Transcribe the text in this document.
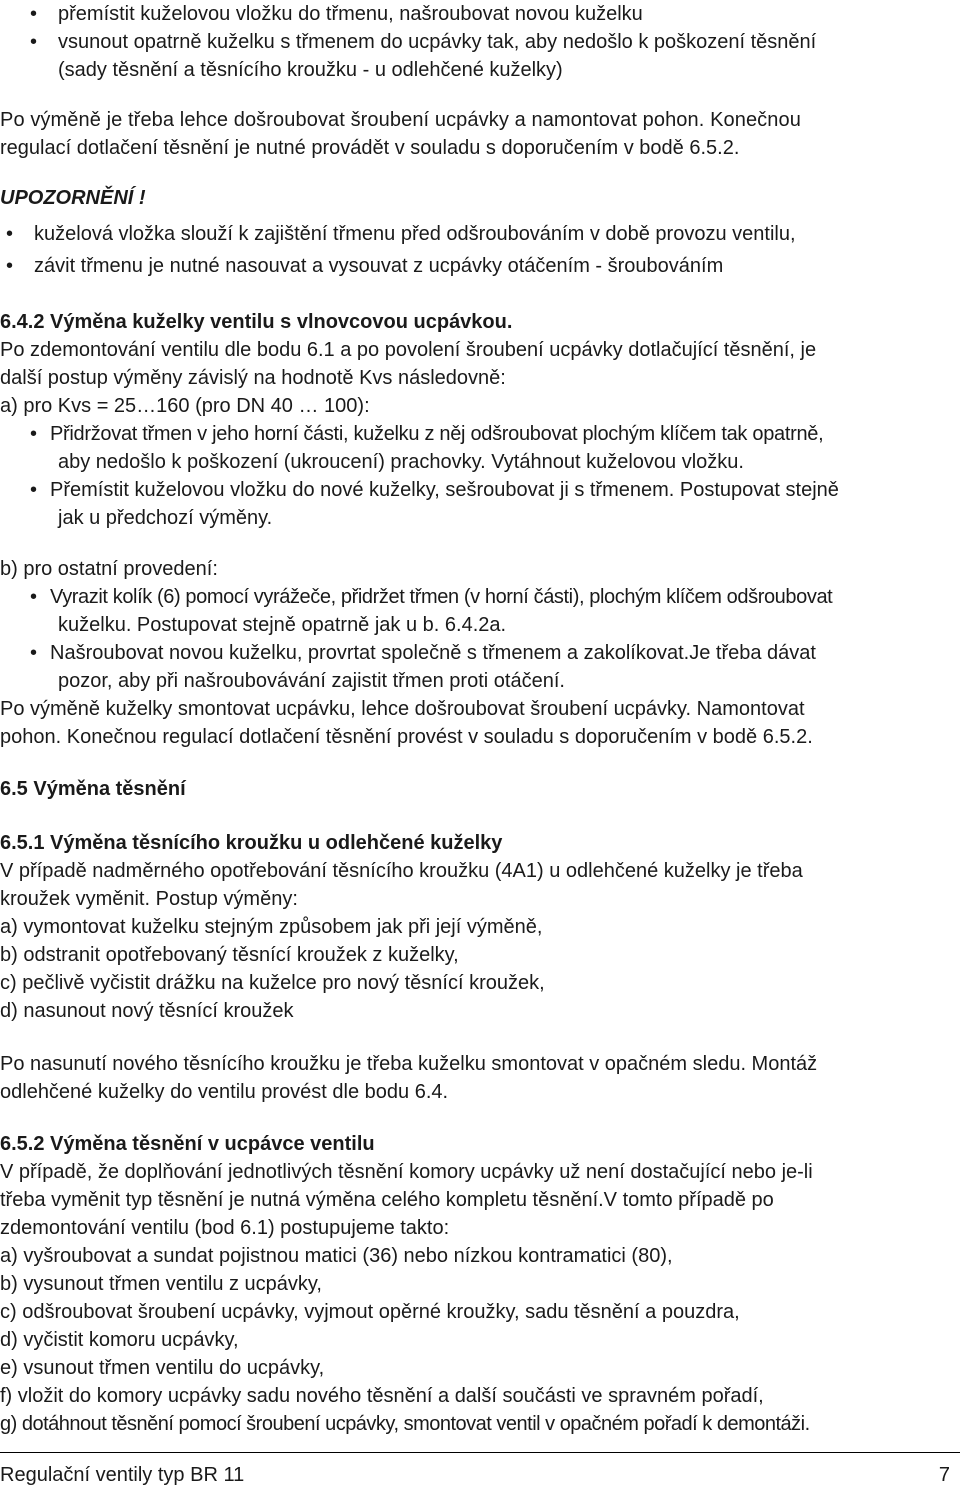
• přemístit kuželovou vložku do třmenu, našroubovat novou kuželku
• vsunout opatrně kuželku s třmenem do ucpávky tak, aby nedošlo k poškození těsnění
(sady těsnění a těsnícího kroužku - u odlehčené kuželky)
Po výměně je třeba lehce došroubovat šroubení ucpávky a namontovat pohon. Konečnou
regulací dotlačení těsnění je nutné provádět v souladu s doporučením v bodě 6.5.2.
UPOZORNĚNÍ !
• kuželová vložka slouží k zajištění třmenu před odšroubováním v době provozu ventilu,
• závit třmenu je nutné nasouvat a vysouvat z ucpávky otáčením - šroubováním
6.4.2 Výměna kuželky ventilu s vlnovcovou ucpávkou.
Po zdemontování ventilu dle bodu 6.1 a po povolení šroubení ucpávky dotlačující těsnění, je
další postup výměny závislý na hodnotě Kvs následovně:
a) pro Kvs = 25…160 (pro DN 40 … 100):
• Přidržovat třmen v jeho horní části, kuželku z něj odšroubovat plochým klíčem tak opatrně,
aby nedošlo k poškození (ukroucení) prachovky. Vytáhnout kuželovou vložku.
• Přemístit kuželovou vložku do nové kuželky, sešroubovat ji s třmenem. Postupovat stejně
jak u předchozí výměny.
b) pro ostatní provedení:
• Vyrazit kolík (6) pomocí vyrážeče, přidržet třmen (v horní části), plochým klíčem odšroubovat
kuželku. Postupovat stejně opatrně jak u b. 6.4.2a.
• Našroubovat novou kuželku, provrtat společně s třmenem a zakolíkovat.Je třeba dávat
pozor, aby při našroubovávání zajistit třmen proti otáčení.
Po výměně kuželky smontovat ucpávku, lehce došroubovat šroubení ucpávky. Namontovat
pohon. Konečnou regulací dotlačení těsnění provést v souladu s doporučením v bodě 6.5.2.
6.5 Výměna těsnění
6.5.1 Výměna těsnícího kroužku u odlehčené kuželky
V případě nadměrného opotřebování těsnícího kroužku (4A1) u odlehčené kuželky je třeba
kroužek vyměnit. Postup výměny:
a) vymontovat kuželku stejným způsobem jak při její výměně,
b) odstranit opotřebovaný těsnící kroužek z kuželky,
c) pečlivě vyčistit drážku na kuželce pro nový těsnící kroužek,
d) nasunout nový těsnící kroužek
Po nasunutí nového těsnícího kroužku je třeba kuželku smontovat v opačném sledu. Montáž
odlehčené kuželky do ventilu provést dle bodu 6.4.
6.5.2 Výměna těsnění v ucpávce ventilu
V případě, že doplňování jednotlivých těsnění komory ucpávky už není dostačující nebo je-li
třeba vyměnit typ těsnění je nutná výměna celého kompletu těsnění.V tomto případě po
zdemontování ventilu (bod 6.1) postupujeme takto:
a) vyšroubovat a sundat pojistnou matici (36) nebo nízkou kontramatici (80),
b) vysunout třmen ventilu z ucpávky,
c) odšroubovat šroubení ucpávky, vyjmout opěrné kroužky, sadu těsnění a pouzdra,
d) vyčistit komoru ucpávky,
e) vsunout třmen ventilu do ucpávky,
f) vložit do komory ucpávky sadu nového těsnění a další součásti ve spravném pořadí,
g) dotáhnout těsnění pomocí šroubení ucpávky, smontovat ventil v opačném pořadí k demontáži.
Regulační ventily typ BR 11	7
